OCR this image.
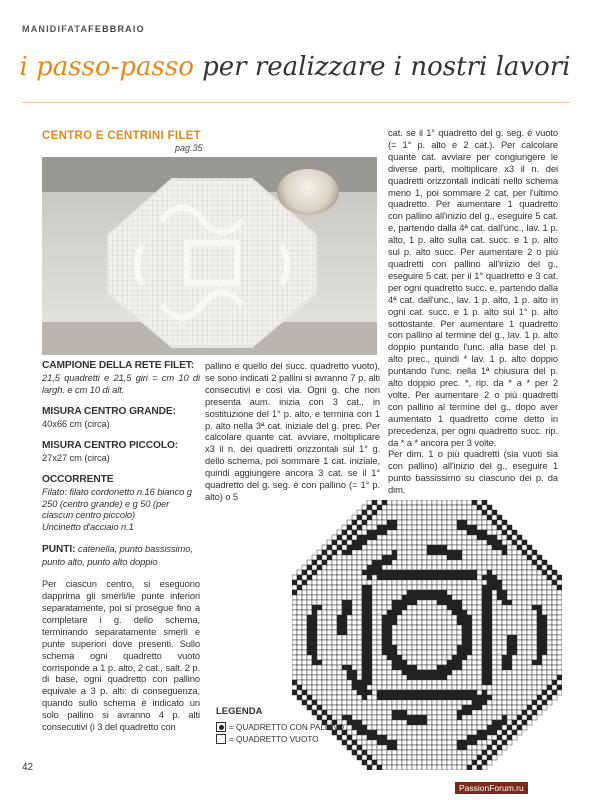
MANIDIFATAFEBBRAIO
i passo-passo per realizzare i nostri lavori
CENTRO E CENTRINI FILET
pag.35

CAMPIONE DELLA RETE FILET:

21,5 quadretti e 21,5 giri = cm 10 di largh. e cm 10 di alt.

MISURA CENTRO GRANDE:

40x66 cm (circa)

MISURA CENTRO PICCOLO:

27x27 cm (circa)

OCCORRENTE

Filato: filato cordonetto n.16 bianco g 250 (centro grande) e g 50 (per ciascun centro piccolo)

Uncinetto d'acciaio n.1

PUNTI: catenella, punto bassissimo, punto alto, punto alto doppio

Per ciascun centro, si eseguono dapprima gli smerli/le punte inferiori separatamente, poi si prosegue fino a completare i g. dello schema, terminando separatamente smerli e punte superiori dove presenti. Sullo schema ogni quadretto vuoto corrisponde a 1 p. alto, 2 cat., salt. 2 p. di base, ogni quadretto con pallino equivale a 3 p. alti: di conseguenza, quando sullo schema è indicato un solo pallino si avranno 4 p. alti consecutivi (i 3 del quadretto con

pallino e quello del succ. quadretto vuoto), se sono indicati 2 pallini si avranno 7 p. alti consecutivi e così via. Ogni g. che non presenta aum. inizia con 3 cat., in sostituzione del 1° p. alto, e termina con 1 p. alto nella 3ª cat. iniziale del g. prec. Per calcolare quante cat. avviare, moltiplicare x3 il n. dei quadretti orizzontali sul 1° g. dello schema, poi sommare 1 cat. iniziale, quindi aggiungere ancora 3 cat. se il 1° quadretto del g. seg. è con pallino (= 1° p. alto) o 5

cat. se il 1° quadretto del g. seg. è vuoto (= 1° p. alto e 2 cat.). Per calcolare quante cat. avviare per congiungere le diverse parti, moltiplicare x3 il n. dei quadretti orizzontali indicati nello schema meno 1, poi sommare 2 cat. per l'ultimo quadretto. Per aumentare 1 quadretto con pallino all'inizio del g., eseguire 5 cat. e, partendo dalla 4ª cat. dall'unc., lav. 1 p. alto, 1 p. alto sulla cat. succ. e 1 p. alto sul p. alto succ. Per aumentare 2 o più quadretti con pallino all'inizio del g., eseguire 5 cat. per il 1° quadretto e 3 cat. per ogni quadretto succ. e, partendo dalla 4ª cat. dall'unc., lav. 1 p. alto, 1 p. alto in ogni cat. succ. e 1 p. alto sul 1° p. alto sottostante. Per aumentare 1 quadretto con pallino al termine del g., lav. 1 p. alto doppio puntando l'unc. alla base del p. alto prec., quindi * lav. 1 p. alto doppio puntando l'unc. nella 1ª chiusura del p. alto doppio prec. *, rip. da * a * per 2 volte. Per aumentare 2 o più quadretti con pallino al termine del g., dopo aver aumentato 1 quadretto come detto in precedenza, per ogni quadretto succ. rip. da * a * ancora per 3 volte.

Per dim. 1 o più quadretti (sia vuoti sia con pallino) all'inizio del g., eseguire 1 punto bassissimo su ciascuno dei p. da dim.

LEGENDA
= QUADRETTO CON PALLINO
= QUADRETTO VUOTO
42
PassionForum.ru
